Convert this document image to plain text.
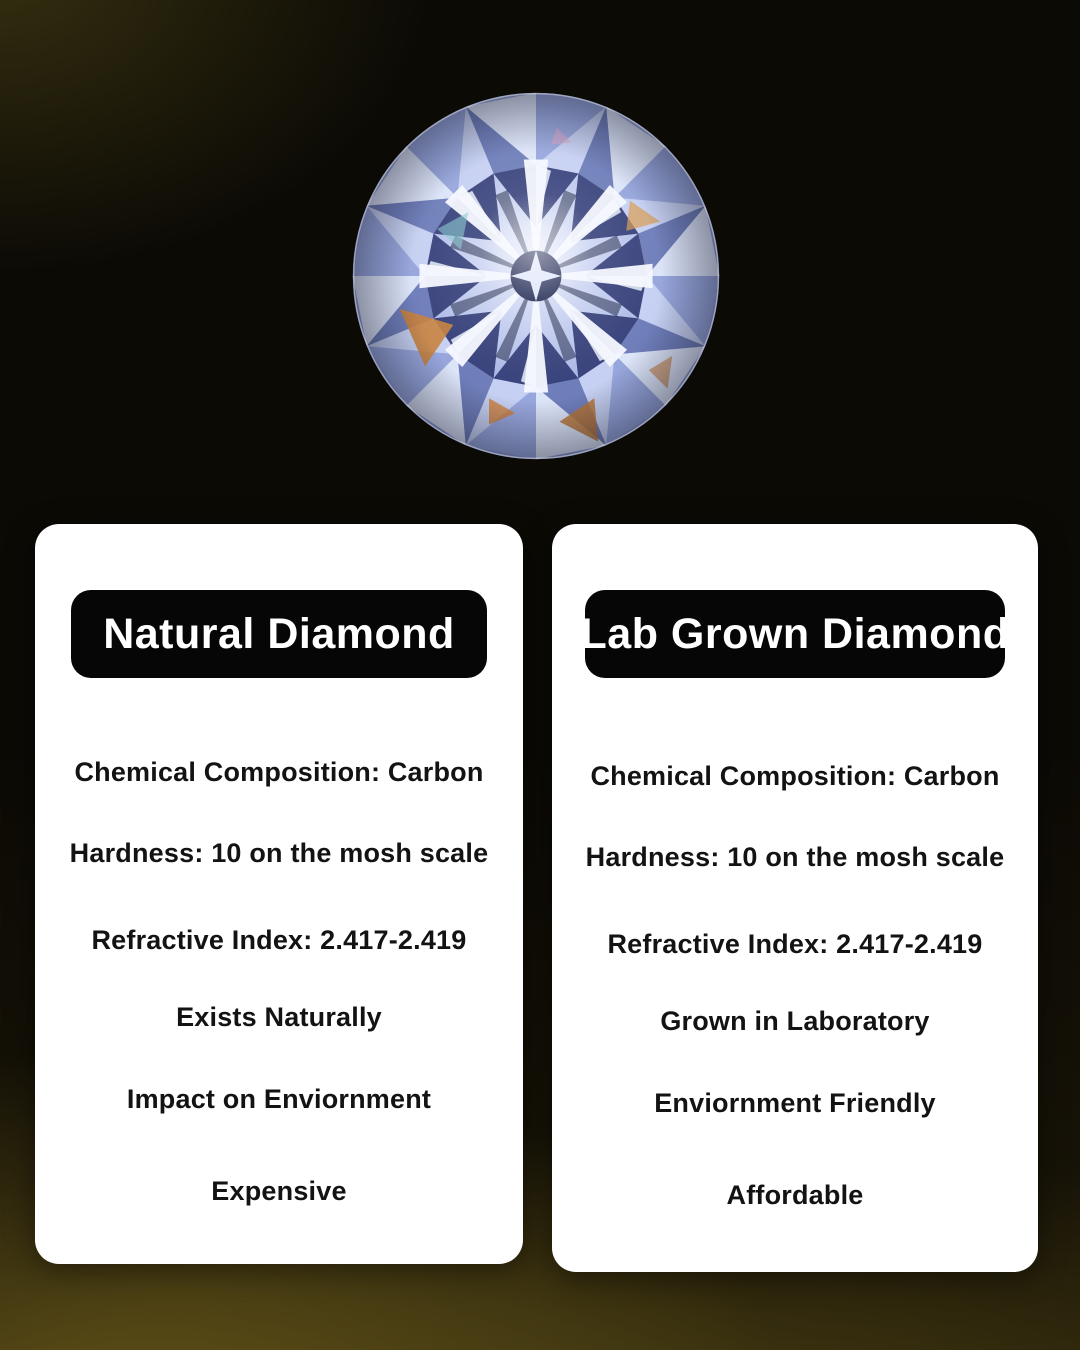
Natural Diamond
Chemical Composition: Carbon
Hardness: 10 on the mosh scale
Refractive Index: 2.417-2.419
Exists Naturally
Impact on Enviornment
Expensive
Lab Grown Diamond
Chemical Composition: Carbon
Hardness: 10 on the mosh scale
Refractive Index: 2.417-2.419
Grown in Laboratory
Enviornment Friendly
Affordable
